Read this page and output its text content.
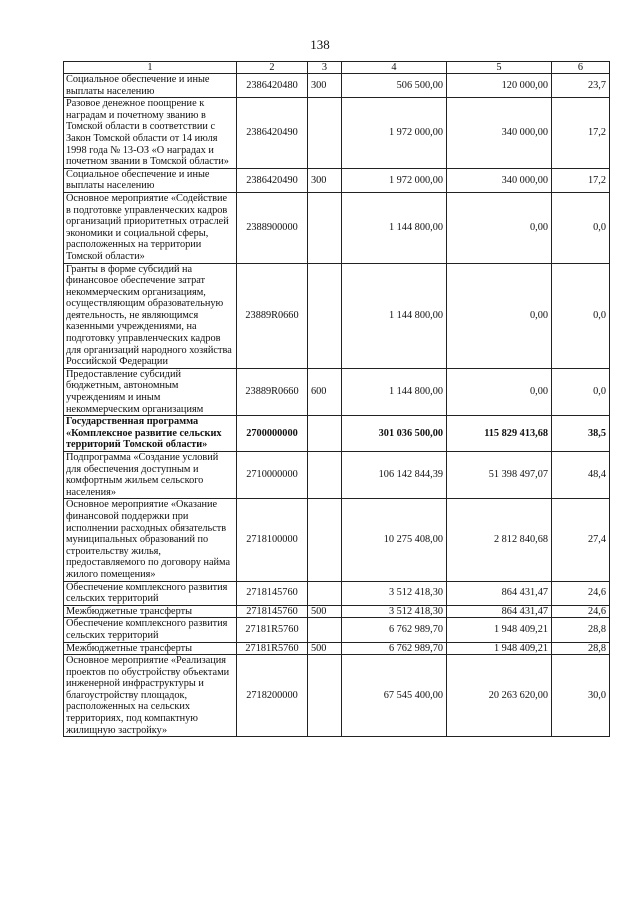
138
1	2	3	4	5	6
Социальное обеспечение и иные выплаты населению	2386420480	300	506 500,00	120 000,00	23,7
Разовое денежное поощрение к наградам и почетному званию в Томской области в соответствии с Закон Томской области от 14 июля 1998 года № 13-ОЗ «О наградах и почетном звании в Томской области»	2386420490		1 972 000,00	340 000,00	17,2
Социальное обеспечение и иные выплаты населению	2386420490	300	1 972 000,00	340 000,00	17,2
Основное мероприятие «Содействие в подготовке управленческих кадров организаций приоритетных отраслей экономики и социальной сферы, расположенных на территории Томской области»	2388900000		1 144 800,00	0,00	0,0
Гранты в форме субсидий на финансовое обеспечение затрат некоммерческим организациям, осуществляющим образовательную деятельность, не являющимся казенными учреждениями, на подготовку управленческих кадров для организаций народного хозяйства Российской Федерации	23889R0660		1 144 800,00	0,00	0,0
Предоставление субсидий бюджетным, автономным учреждениям и иным некоммерческим организациям	23889R0660	600	1 144 800,00	0,00	0,0
Государственная программа «Комплексное развитие сельских территорий Томской области»	2700000000		301 036 500,00	115 829 413,68	38,5
Подпрограмма «Создание условий для обеспечения доступным и комфортным жильем сельского населения»	2710000000		106 142 844,39	51 398 497,07	48,4
Основное мероприятие «Оказание финансовой поддержки при исполнении расходных обязательств муниципальных образований по строительству жилья, предоставляемого по договору найма жилого помещения»	2718100000		10 275 408,00	2 812 840,68	27,4
Обеспечение комплексного развития сельских территорий	2718145760		3 512 418,30	864 431,47	24,6
Межбюджетные трансферты	2718145760	500	3 512 418,30	864 431,47	24,6
Обеспечение комплексного развития сельских территорий	27181R5760		6 762 989,70	1 948 409,21	28,8
Межбюджетные трансферты	27181R5760	500	6 762 989,70	1 948 409,21	28,8
Основное мероприятие «Реализация проектов по обустройству объектами инженерной инфраструктуры и благоустройству площадок, расположенных на сельских территориях, под компактную жилищную застройку»	2718200000		67 545 400,00	20 263 620,00	30,0
